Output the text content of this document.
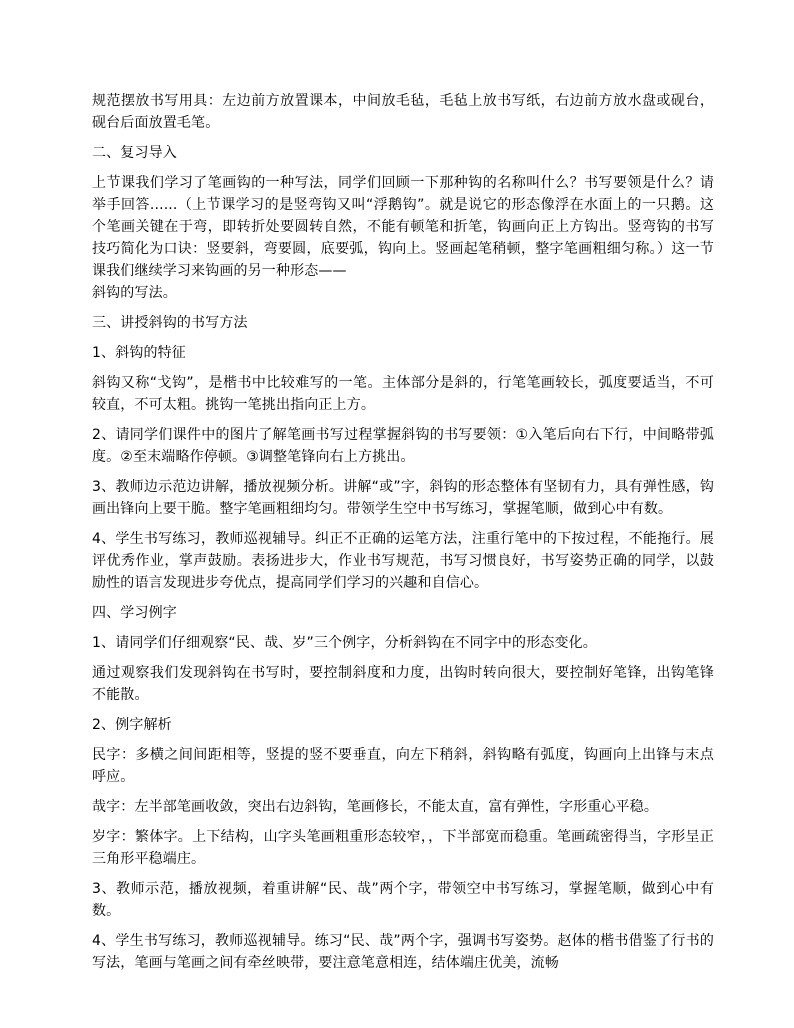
规范摆放书写用具：左边前方放置课本，中间放毛毡，毛毡上放书写纸，右边前方放水盘或砚台，砚台后面放置毛笔。

二、复习导入

上节课我们学习了笔画钩的一种写法，同学们回顾一下那种钩的名称叫什么？书写要领是什么？请举手回答......（上节课学习的是竖弯钩又叫“浮鹅钩”。就是说它的形态像浮在水面上的一只鹅。这个笔画关键在于弯，即转折处要圆转自然，不能有顿笔和折笔，钩画向正上方钩出。竖弯钩的书写技巧简化为口诀：竖要斜，弯要圆，底要弧，钩向上。竖画起笔稍顿，整字笔画粗细匀称。）这一节课我们继续学习来钩画的另一种形态——
斜钩的写法。

三、讲授斜钩的书写方法

1、斜钩的特征

斜钩又称“戈钩”，是楷书中比较难写的一笔。主体部分是斜的，行笔笔画较长，弧度要适当，不可较直，不可太粗。挑钩一笔挑出指向正上方。

2、请同学们课件中的图片了解笔画书写过程掌握斜钩的书写要领：①入笔后向右下行，中间略带弧度。②至末端略作停顿。③调整笔锋向右上方挑出。

3、教师边示范边讲解，播放视频分析。讲解“或”字，斜钩的形态整体有坚韧有力，具有弹性感，钩画出锋向上要干脆。整字笔画粗细均匀。带领学生空中书写练习，掌握笔顺，做到心中有数。

4、学生书写练习，教师巡视辅导。纠正不正确的运笔方法，注重行笔中的下按过程，不能拖行。展评优秀作业，掌声鼓励。表扬进步大，作业书写规范，书写习惯良好，书写姿势正确的同学，以鼓励性的语言发现进步夸优点，提高同学们学习的兴趣和自信心。

四、学习例字

1、请同学们仔细观察“民、哉、岁”三个例字，分析斜钩在不同字中的形态变化。

通过观察我们发现斜钩在书写时，要控制斜度和力度，出钩时转向很大，要控制好笔锋，出钩笔锋不能散。

2、例字解析

民字：多横之间间距相等，竖提的竖不要垂直，向左下稍斜，斜钩略有弧度，钩画向上出锋与末点呼应。

哉字：左半部笔画收敛，突出右边斜钩，笔画修长，不能太直，富有弹性，字形重心平稳。

岁字：繁体字。上下结构，山字头笔画粗重形态较窄，，下半部宽而稳重。笔画疏密得当，字形呈正三角形平稳端庄。

3、教师示范，播放视频，着重讲解“民、哉”两个字，带领空中书写练习，掌握笔顺，做到心中有数。

4、学生书写练习，教师巡视辅导。练习“民、哉”两个字，强调书写姿势。赵体的楷书借鉴了行书的写法，笔画与笔画之间有牵丝映带，要注意笔意相连，结体端庄优美，流畅
